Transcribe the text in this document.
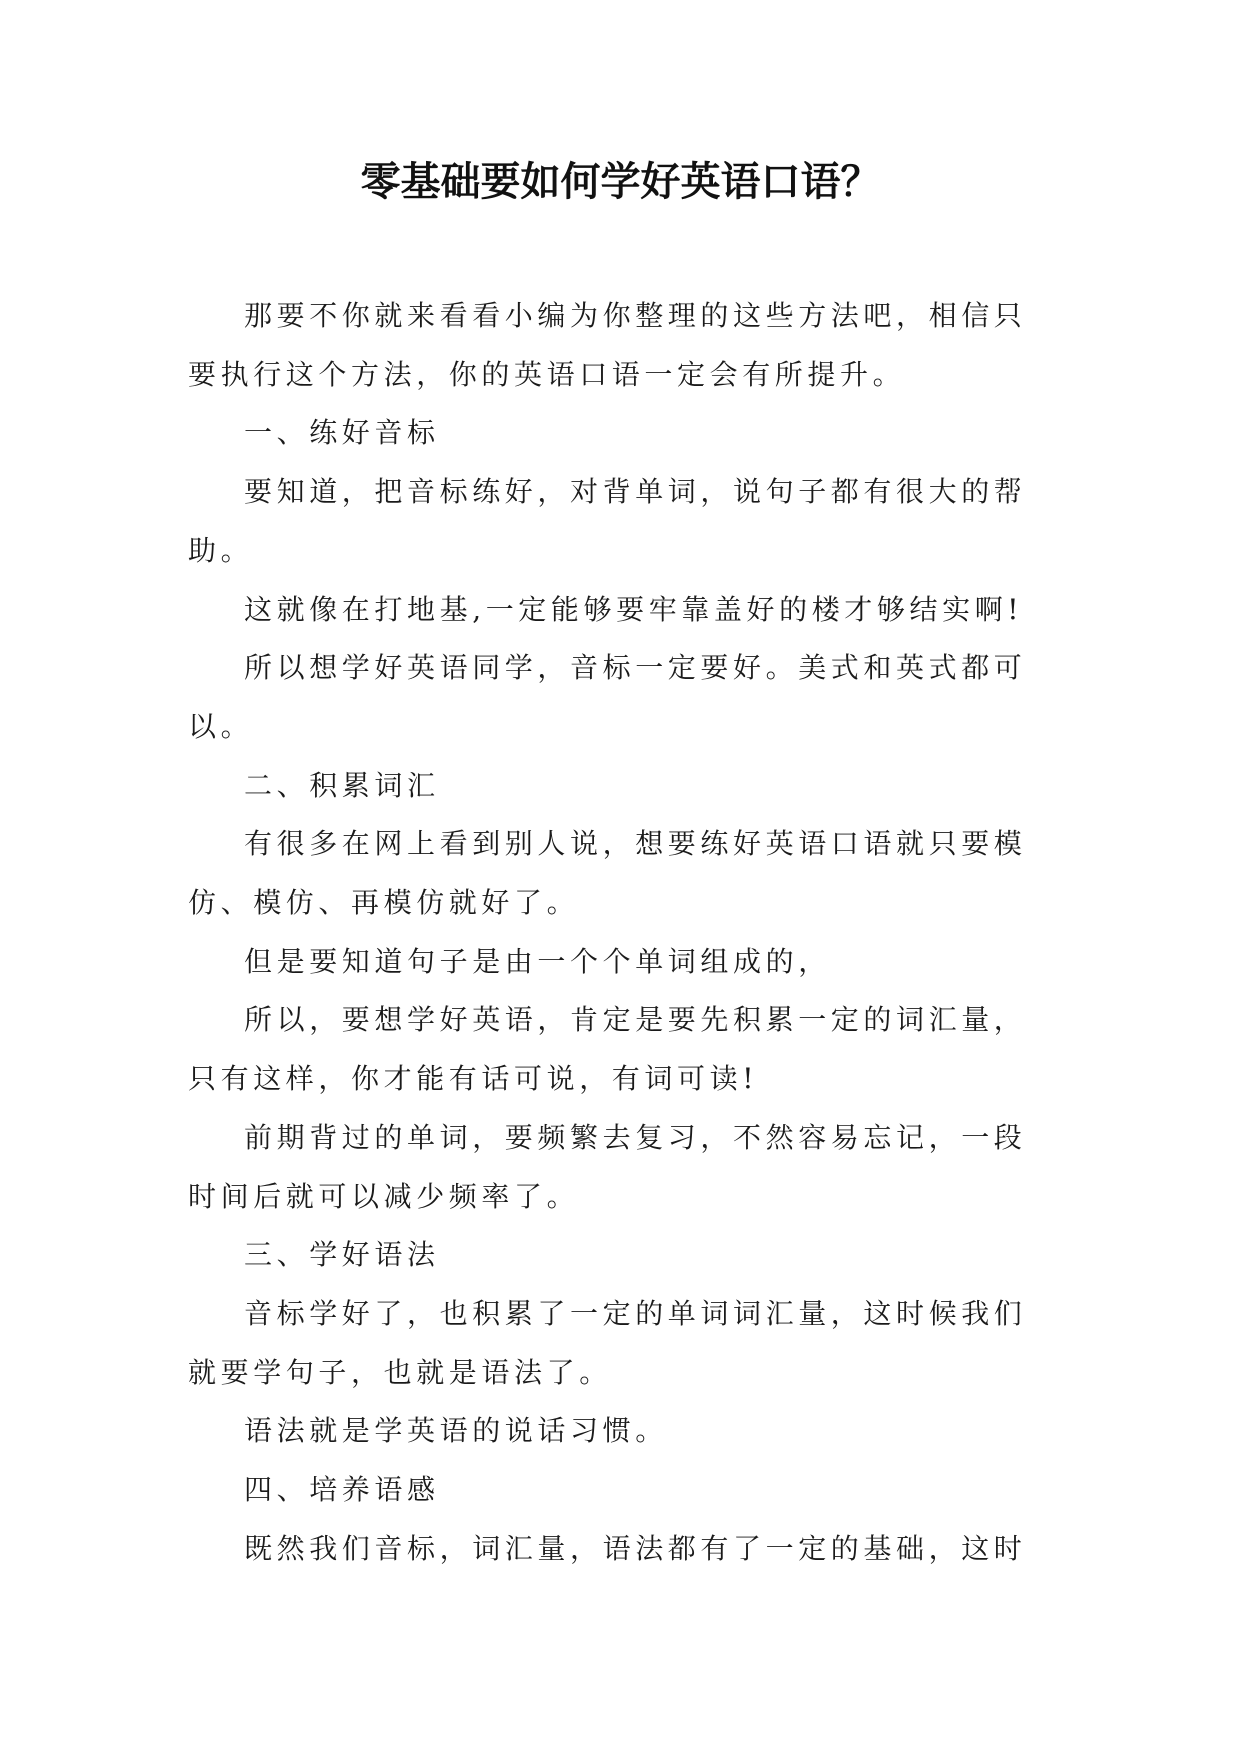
零基础要如何学好英语口语？

那要不你就来看看小编为你整理的这些方法吧，相信只要执行这个方法，你的英语口语一定会有所提升。

一、练好音标

要知道，把音标练好，对背单词，说句子都有很大的帮助。

这就像在打地基,一定能够要牢靠盖好的楼才够结实啊!

所以想学好英语同学，音标一定要好。美式和英式都可以。

二、积累词汇

有很多在网上看到别人说，想要练好英语口语就只要模仿、模仿、再模仿就好了。

但是要知道句子是由一个个单词组成的，

所以，要想学好英语，肯定是要先积累一定的词汇量，只有这样，你才能有话可说，有词可读!

前期背过的单词，要频繁去复习，不然容易忘记，一段时间后就可以减少频率了。

三、学好语法

音标学好了，也积累了一定的单词词汇量，这时候我们就要学句子，也就是语法了。

语法就是学英语的说话习惯。

四、培养语感

既然我们音标，词汇量，语法都有了一定的基础，这时
